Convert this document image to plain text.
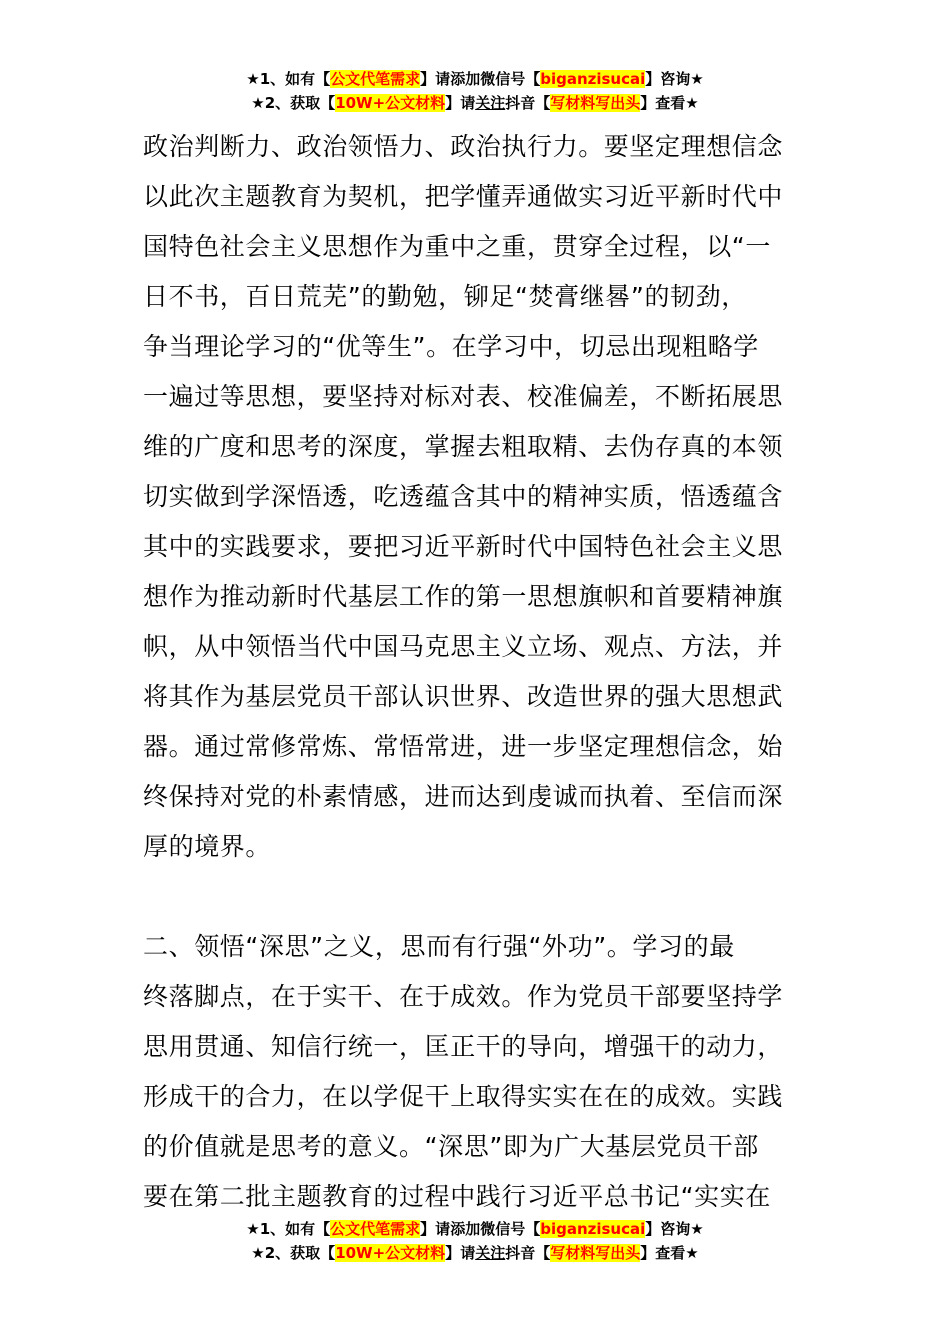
★1、如有【公文代笔需求】请添加微信号【biganzisucai】咨询★
★2、获取【10W+公文材料】请关注抖音【写材料写出头】查看★
政治判断力、政治领悟力、政治执行力。要坚定理想信念
以此次主题教育为契机，把学懂弄通做实习近平新时代中
国特色社会主义思想作为重中之重，贯穿全过程，以“一
日不书，百日荒芜”的勤勉，铆足“焚膏继晷”的韧劲，
争当理论学习的“优等生”。在学习中，切忌出现粗略学
一遍过等思想，要坚持对标对表、校准偏差，不断拓展思
维的广度和思考的深度，掌握去粗取精、去伪存真的本领
切实做到学深悟透，吃透蕴含其中的精神实质，悟透蕴含
其中的实践要求，要把习近平新时代中国特色社会主义思
想作为推动新时代基层工作的第一思想旗帜和首要精神旗
帜，从中领悟当代中国马克思主义立场、观点、方法，并
将其作为基层党员干部认识世界、改造世界的强大思想武
器。通过常修常炼、常悟常进，进一步坚定理想信念，始
终保持对党的朴素情感，进而达到虔诚而执着、至信而深
厚的境界。
二、领悟“深思”之义，思而有行强“外功”。学习的最
终落脚点，在于实干、在于成效。作为党员干部要坚持学
思用贯通、知信行统一，匡正干的导向，增强干的动力，
形成干的合力，在以学促干上取得实实在在的成效。实践
的价值就是思考的意义。“深思”即为广大基层党员干部
要在第二批主题教育的过程中践行习近平总书记“实实在
★1、如有【公文代笔需求】请添加微信号【biganzisucai】咨询★
★2、获取【10W+公文材料】请关注抖音【写材料写出头】查看★
